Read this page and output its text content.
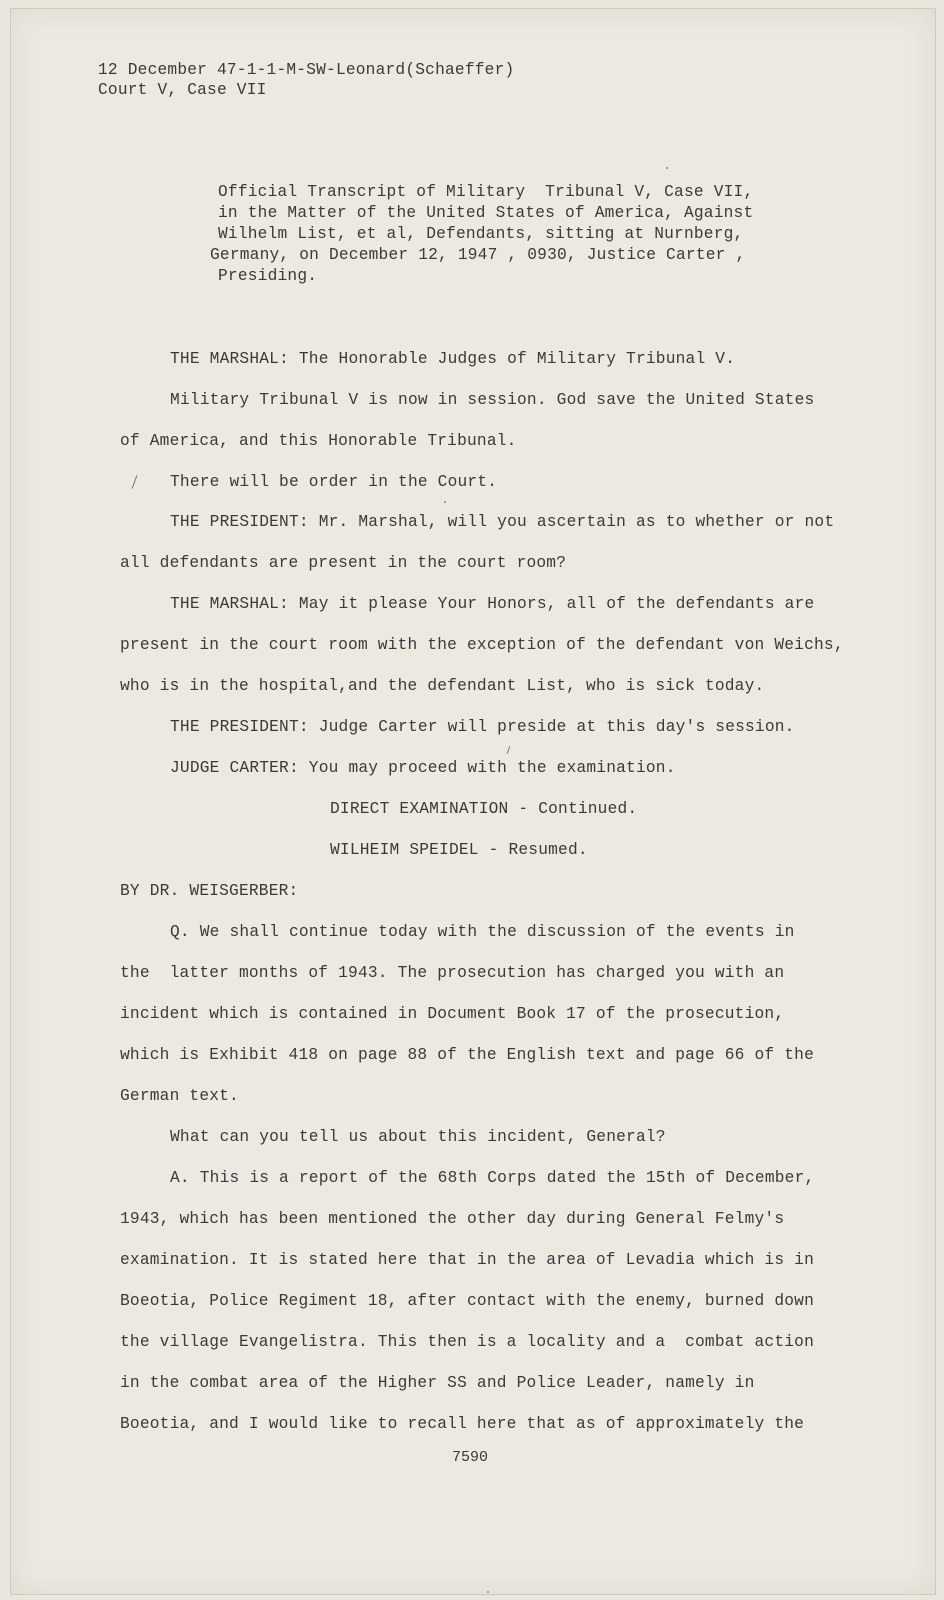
12 December 47-1-1-M-SW-Leonard(Schaeffer)
Court V, Case VII
Official Transcript of Military  Tribunal V, Case VII,
in the Matter of the United States of America, Against
Wilhelm List, et al, Defendants, sitting at Nurnberg,
Germany, on December 12, 1947 , 0930, Justice Carter ,
Presiding.
THE MARSHAL: The Honorable Judges of Military Tribunal V.
Military Tribunal V is now in session. God save the United States
of America, and this Honorable Tribunal.
There will be order in the Court.
THE PRESIDENT: Mr. Marshal, will you ascertain as to whether or not
all defendants are present in the court room?
THE MARSHAL: May it please Your Honors, all of the defendants are
present in the court room with the exception of the defendant von Weichs,
who is in the hospital,and the defendant List, who is sick today.
THE PRESIDENT: Judge Carter will preside at this day's session.
JUDGE CARTER: You may proceed with the examination.
DIRECT EXAMINATION - Continued.
WILHEIM SPEIDEL - Resumed.
BY DR. WEISGERBER:
Q. We shall continue today with the discussion of the events in
the  latter months of 1943. The prosecution has charged you with an
incident which is contained in Document Book 17 of the prosecution,
which is Exhibit 418 on page 88 of the English text and page 66 of the
German text.
What can you tell us about this incident, General?
A. This is a report of the 68th Corps dated the 15th of December,
1943, which has been mentioned the other day during General Felmy's
examination. It is stated here that in the area of Levadia which is in
Boeotia, Police Regiment 18, after contact with the enemy, burned down
the village Evangelistra. This then is a locality and a  combat action
in the combat area of the Higher SS and Police Leader, namely in
Boeotia, and I would like to recall here that as of approximately the
7590
